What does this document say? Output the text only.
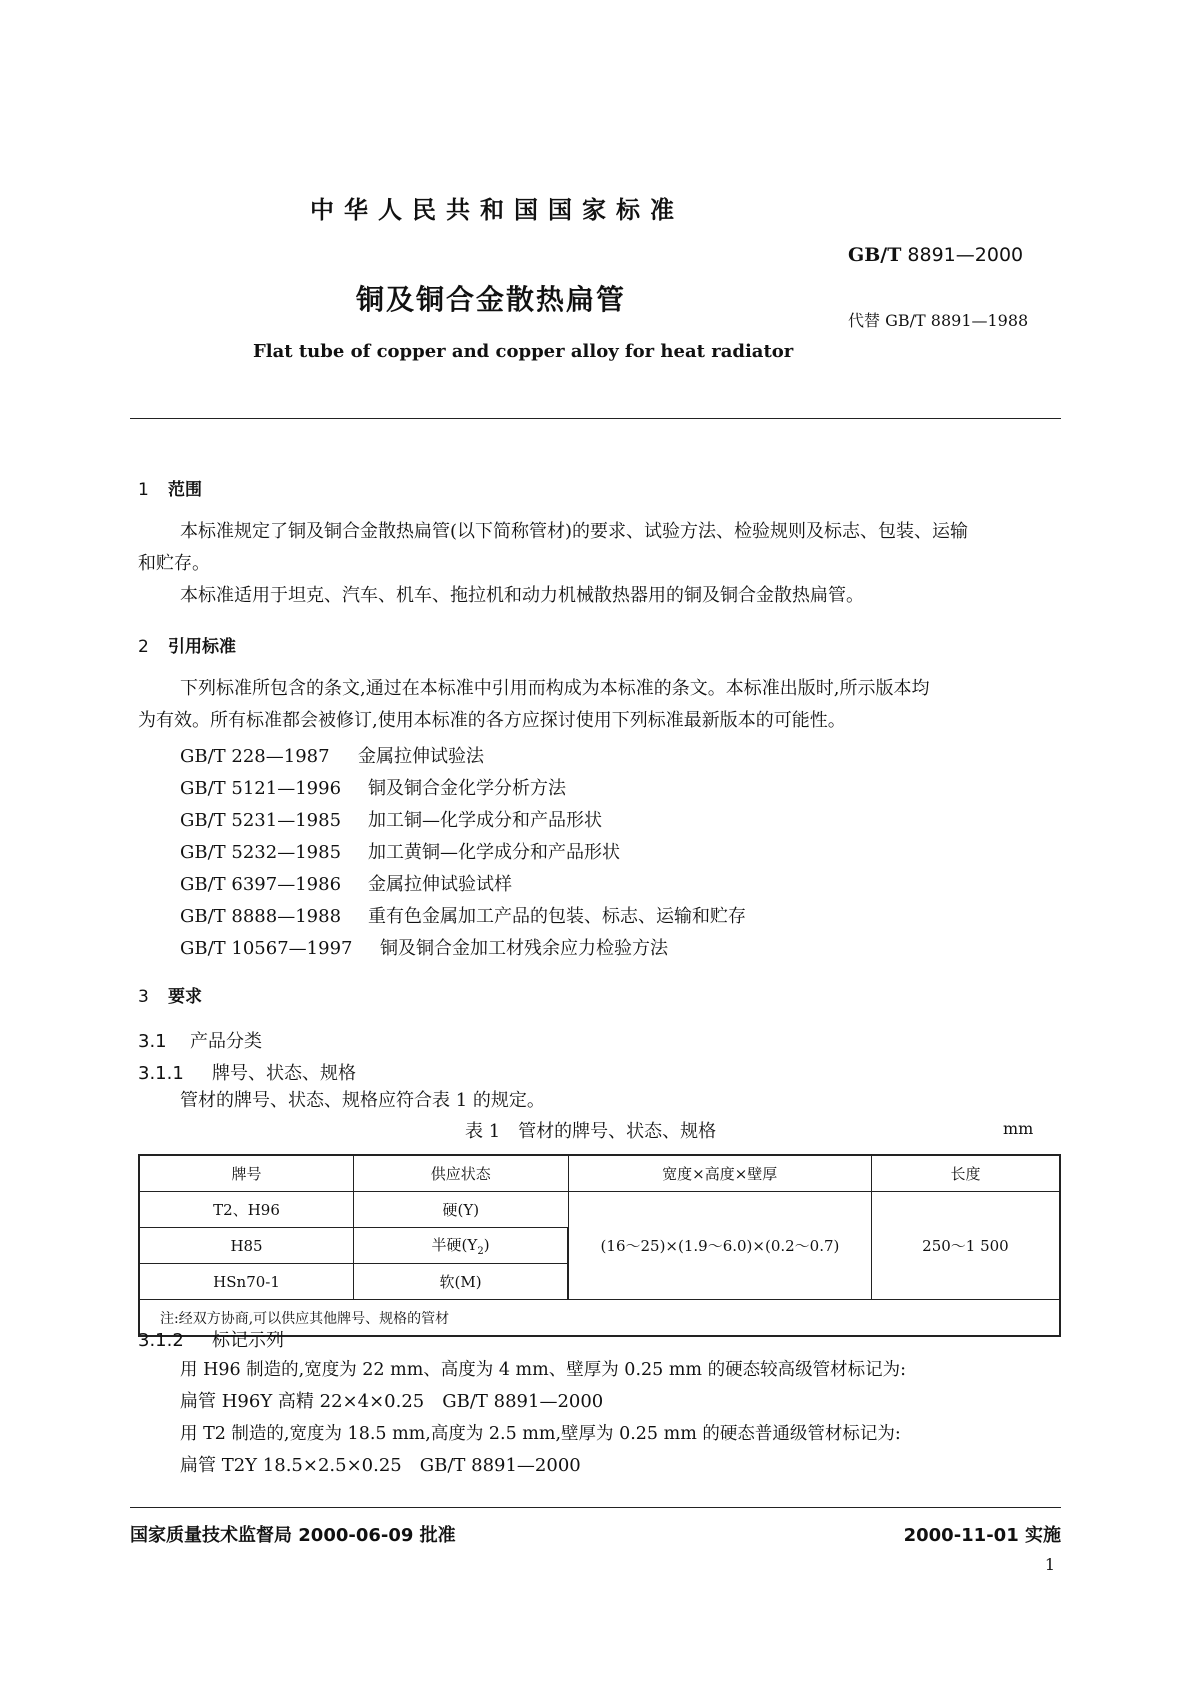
中华人民共和国国家标准
GB/T 8891—2000
铜及铜合金散热扁管
代替 GB/T 8891—1988
Flat tube of copper and copper alloy for heat radiator
1 范围
本标准规定了铜及铜合金散热扁管(以下简称管材)的要求、试验方法、检验规则及标志、包装、运输
和贮存。
本标准适用于坦克、汽车、机车、拖拉机和动力机械散热器用的铜及铜合金散热扁管。
2 引用标准
下列标准所包含的条文,通过在本标准中引用而构成为本标准的条文。本标准出版时,所示版本均
为有效。所有标准都会被修订,使用本标准的各方应探讨使用下列标准最新版本的可能性。
GB/T 228—1987 金属拉伸试验法
GB/T 5121—1996 铜及铜合金化学分析方法
GB/T 5231—1985 加工铜—化学成分和产品形状
GB/T 5232—1985 加工黄铜—化学成分和产品形状
GB/T 6397—1986 金属拉伸试验试样
GB/T 8888—1988 重有色金属加工产品的包装、标志、运输和贮存
GB/T 10567—1997 铜及铜合金加工材残余应力检验方法
3 要求
3.1 产品分类
3.1.1 牌号、状态、规格
管材的牌号、状态、规格应符合表 1 的规定。
表 1　管材的牌号、状态、规格	mm
牌号	供应状态	宽度×高度×壁厚	长度
T2、H96	硬(Y)	(16～25)×(1.9～6.0)×(0.2～0.7)	250～1 500
H85	半硬$(Y_2)$		
HSn70-1	软(M)		
注:经双方协商,可以供应其他牌号、规格的管材			
3.1.2 标记示列
用 H96 制造的,宽度为 22 mm、高度为 4 mm、壁厚为 0.25 mm 的硬态较高级管材标记为:
扁管 H96Y 高精 22×4×0.25　GB/T 8891—2000
用 T2 制造的,宽度为 18.5 mm,高度为 2.5 mm,壁厚为 0.25 mm 的硬态普通级管材标记为:
扁管 T2Y 18.5×2.5×0.25　GB/T 8891—2000
国家质量技术监督局 2000-06-09 批准	2000-11-01 实施
1
